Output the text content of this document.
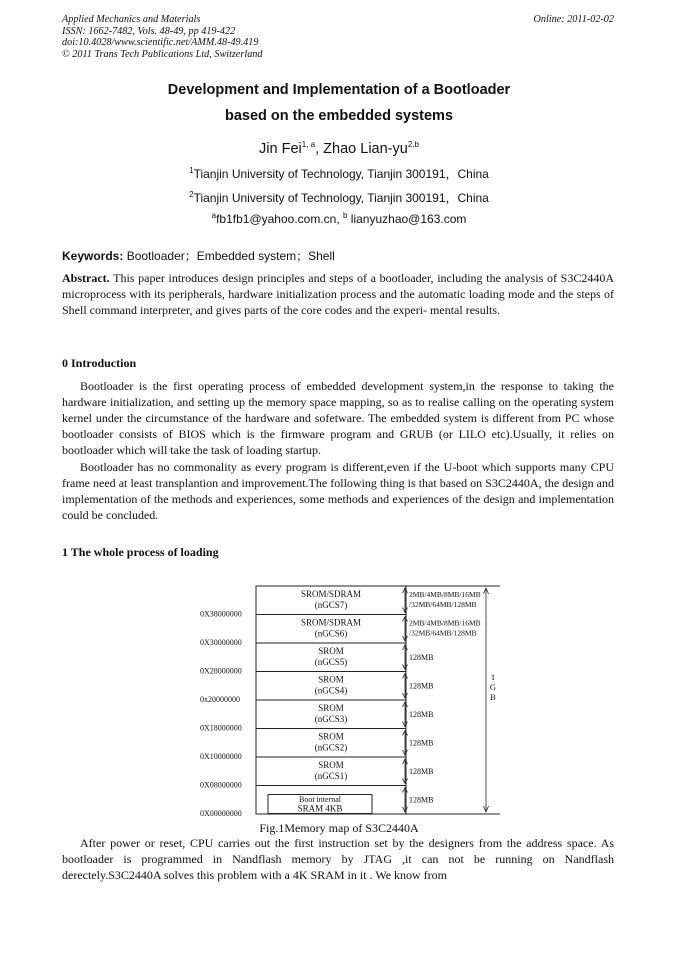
Applied Mechanics and Materials
ISSN: 1662-7482, Vols. 48-49, pp 419-422
doi:10.4028/www.scientific.net/AMM.48-49.419
© 2011 Trans Tech Publications Ltd, Switzerland
Online: 2011-02-02
Development and Implementation of a Bootloader
based on the embedded systems
Jin Fei$^{1, a}$, Zhao Lian-yu$^{2,b}$
$^1$Tianjin University of Technology, Tianjin 300191，China
$^2$Tianjin University of Technology, Tianjin 300191，China
$^a$fb1fb1@yahoo.com.cn, $^b$ lianyuzhao@163.com
Keywords: Bootloader；Embedded system；Shell
Abstract. This paper introduces design principles and steps of a bootloader, including the analysis of S3C2440A microprocess with its peripherals, hardware initialization process and the automatic loading mode and the steps of Shell command interpreter, and gives parts of the core codes and the experi- mental results.
0 Introduction
Bootloader is the first operating process of embedded development system,in the response to taking the hardware initialization, and setting up the memory space mapping, so as to realise calling on the operating system kernel under the circumstance of the hardware and sofetware. The embedded system is different from PC whose bootloader consists of BIOS which is the firmware program and GRUB (or LILO etc).Usually, it relies on bootloader which will take the task of loading startup.
Bootloader has no commonality as every program is different,even if the U-boot which supports many CPU frame need at least transplantion and improvement.The following thing is that based on S3C2440A, the design and implementation of the methods and experiences, some methods and experiences of the design and implementation could be concluded.
1 The whole process of loading
0X38000000
0X30000000
0X28000000
0x20000000
0X18000000
0X10000000
0X08000000
0X00000000
SROM/SDRAM
(nGCS7)
SROM/SDRAM
(nGCS6)
SROM
(nGCS5)
SROM
(nGCS4)
SROM
(nGCS3)
SROM
(nGCS2)
SROM
(nGCS1)
Boot internal
SRAM 4KB
2MB/4MB/8MB/16MB
/32MB/64MB/128MB
2MB/4MB/8MB/16MB
/32MB/64MB/128MB
128MB
128MB
128MB
128MB
128MB
128MB
1
G
B
Fig.1Memory map of S3C2440A
After power or reset, CPU carries out the first instruction set by the designers from the address space. As bootloader is programmed in Nandflash memory by JTAG ,it can not be running on Nandflash derectely.S3C2440A solves this problem with a 4K SRAM in it . We know from
